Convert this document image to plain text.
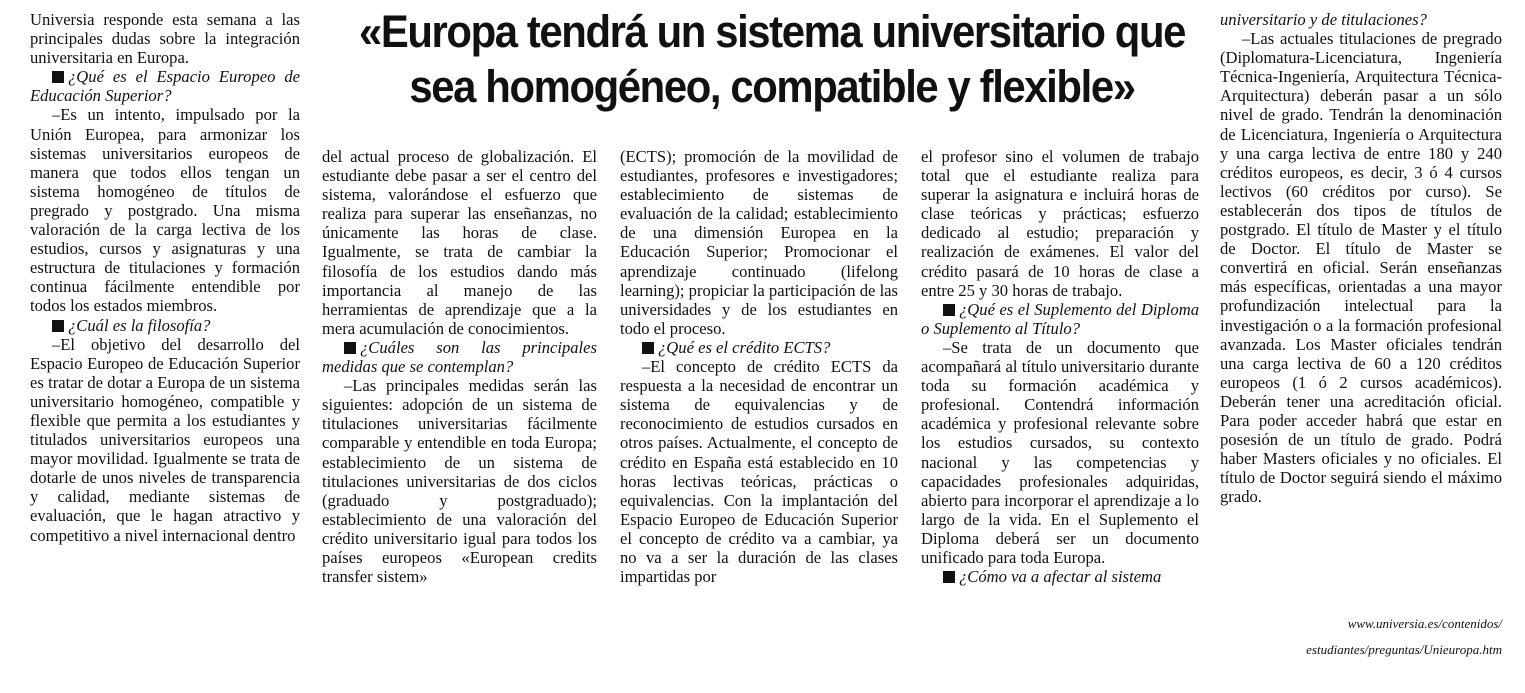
«Europa tendrá un sistema universitario que sea homogéneo, compatible y flexible»

Universia responde esta semana a las principales dudas sobre la integración universitaria en Europa.

¿Qué es el Espacio Europeo de Educación Superior?

–Es un intento, impulsado por la Unión Europea, para armonizar los sistemas universitarios europeos de manera que todos ellos tengan un sistema homogéneo de títulos de pregrado y postgrado. Una misma valoración de la carga lectiva de los estudios, cursos y asignaturas y una estructura de titulaciones y formación continua fácilmente entendible por todos los estados miembros.

¿Cuál es la filosofía?

–El objetivo del desarrollo del Espacio Europeo de Educación Superior es tratar de dotar a Europa de un sistema universitario homogéneo, compatible y flexible que permita a los estudiantes y titulados universitarios europeos una mayor movilidad. Igualmente se trata de dotarle de unos niveles de transparencia y calidad, mediante sistemas de evaluación, que le hagan atractivo y competitivo a nivel internacional dentro

del actual proceso de globalización. El estudiante debe pasar a ser el centro del sistema, valorándose el esfuerzo que realiza para superar las enseñanzas, no únicamente las horas de clase. Igualmente, se trata de cambiar la filosofía de los estudios dando más importancia al manejo de las herramientas de aprendizaje que a la mera acumulación de conocimientos.

¿Cuáles son las principales medidas que se contemplan?

–Las principales medidas serán las siguientes: adopción de un sistema de titulaciones universitarias fácilmente comparable y entendible en toda Europa; establecimiento de un sistema de titulaciones universitarias de dos ciclos (graduado y postgraduado); establecimiento de una valoración del crédito universitario igual para todos los países europeos «European credits transfer sistem»

(ECTS); promoción de la movilidad de estudiantes, profesores e investigadores; establecimiento de sistemas de evaluación de la calidad; establecimiento de una dimensión Europea en la Educación Superior; Promocionar el aprendizaje continuado (lifelong learning); propiciar la participación de las universidades y de los estudiantes en todo el proceso.

¿Qué es el crédito ECTS?

–El concepto de crédito ECTS da respuesta a la necesidad de encontrar un sistema de equivalencias y de reconocimiento de estudios cursados en otros países. Actualmente, el concepto de crédito en España está establecido en 10 horas lectivas teóricas, prácticas o equivalencias. Con la implantación del Espacio Europeo de Educación Superior el concepto de crédito va a cambiar, ya no va a ser la duración de las clases impartidas por

el profesor sino el volumen de trabajo total que el estudiante realiza para superar la asignatura e incluirá horas de clase teóricas y prácticas; esfuerzo dedicado al estudio; preparación y realización de exámenes. El valor del crédito pasará de 10 horas de clase a entre 25 y 30 horas de trabajo.

¿Qué es el Suplemento del Diploma o Suplemento al Título?

–Se trata de un documento que acompañará al título universitario durante toda su formación académica y profesional. Contendrá información académica y profesional relevante sobre los estudios cursados, su contexto nacional y las competencias y capacidades profesionales adquiridas, abierto para incorporar el aprendizaje a lo largo de la vida. En el Suplemento el Diploma deberá ser un documento unificado para toda Europa.

¿Cómo va a afectar al sistema

universitario y de titulaciones?

–Las actuales titulaciones de pregrado (Diplomatura-Licenciatura, Ingeniería Técnica-Ingeniería, Arquitectura Técnica-Arquitectura) deberán pasar a un sólo nivel de grado. Tendrán la denominación de Licenciatura, Ingeniería o Arquitectura y una carga lectiva de entre 180 y 240 créditos europeos, es decir, 3 ó 4 cursos lectivos (60 créditos por curso). Se establecerán dos tipos de títulos de postgrado. El título de Master y el título de Doctor. El título de Master se convertirá en oficial. Serán enseñanzas más específicas, orientadas a una mayor profundización intelectual para la investigación o a la formación profesional avanzada. Los Master oficiales tendrán una carga lectiva de 60 a 120 créditos europeos (1 ó 2 cursos académicos). Deberán tener una acreditación oficial. Para poder acceder habrá que estar en posesión de un título de grado. Podrá haber Masters oficiales y no oficiales. El título de Doctor seguirá siendo el máximo grado.

www.universia.es/contenidos/
estudiantes/preguntas/Unieuropa.htm
